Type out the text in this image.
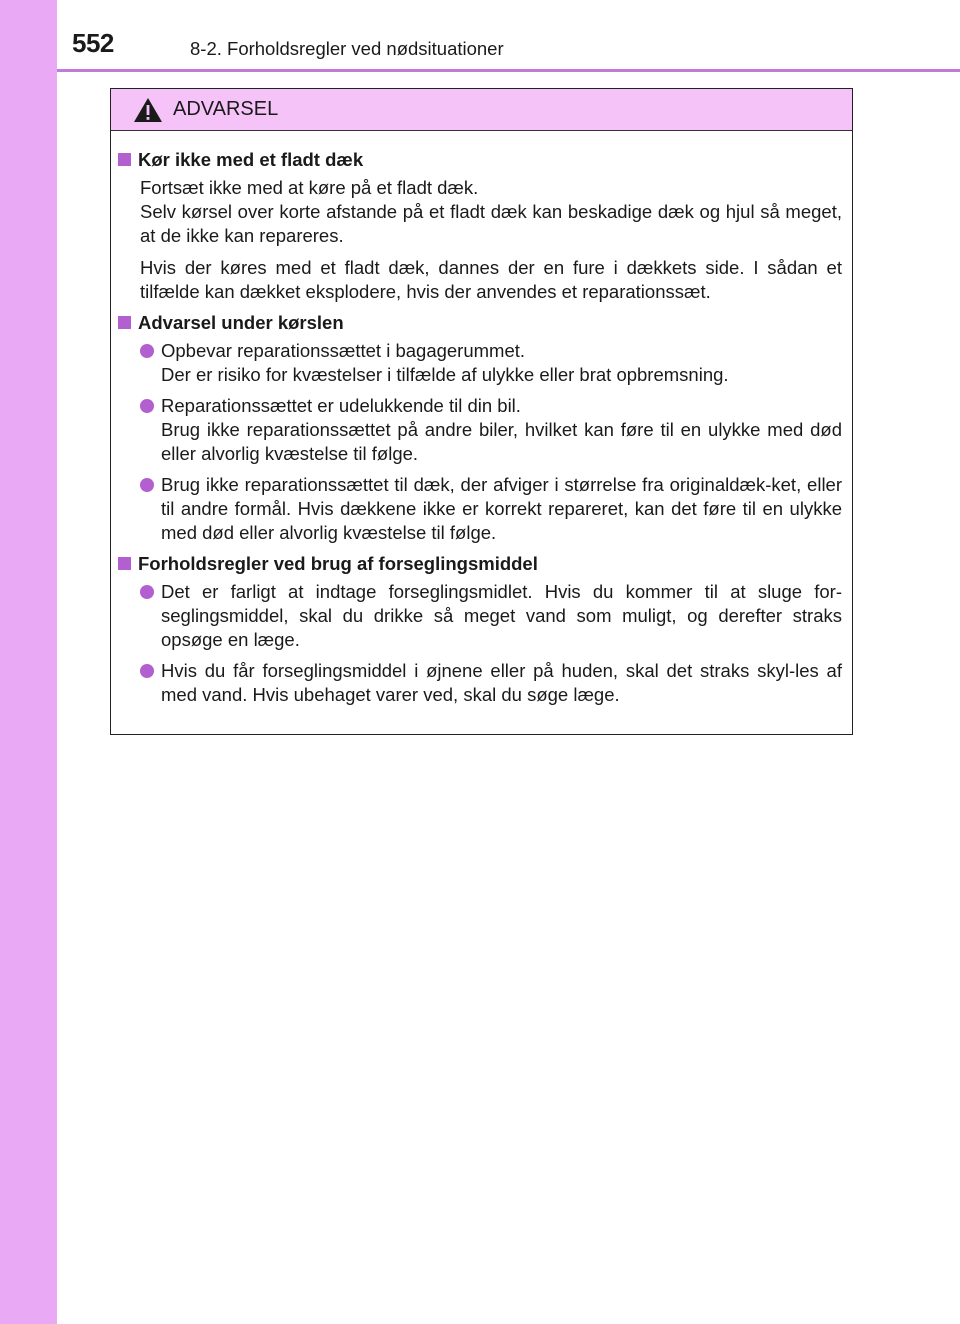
552	8-2. Forholdsregler ved nødsituationer
ADVARSEL
Kør ikke med et fladt dæk
Fortsæt ikke med at køre på et fladt dæk.
Selv kørsel over korte afstande på et fladt dæk kan beskadige dæk og hjul så meget, at de ikke kan repareres.
Hvis der køres med et fladt dæk, dannes der en fure i dækkets side. I sådan et tilfælde kan dækket eksplodere, hvis der anvendes et reparationssæt.
Advarsel under kørslen
Opbevar reparationssættet i bagagerummet.
Der er risiko for kvæstelser i tilfælde af ulykke eller brat opbremsning.
Reparationssættet er udelukkende til din bil.
Brug ikke reparationssættet på andre biler, hvilket kan føre til en ulykke med død eller alvorlig kvæstelse til følge.
Brug ikke reparationssættet til dæk, der afviger i størrelse fra originaldæk-ket, eller til andre formål. Hvis dækkene ikke er korrekt repareret, kan det føre til en ulykke med død eller alvorlig kvæstelse til følge.
Forholdsregler ved brug af forseglingsmiddel
Det er farligt at indtage forseglingsmidlet. Hvis du kommer til at sluge for-seglingsmiddel, skal du drikke så meget vand som muligt, og derefter straks opsøge en læge.
Hvis du får forseglingsmiddel i øjnene eller på huden, skal det straks skyl-les af med vand. Hvis ubehaget varer ved, skal du søge læge.
